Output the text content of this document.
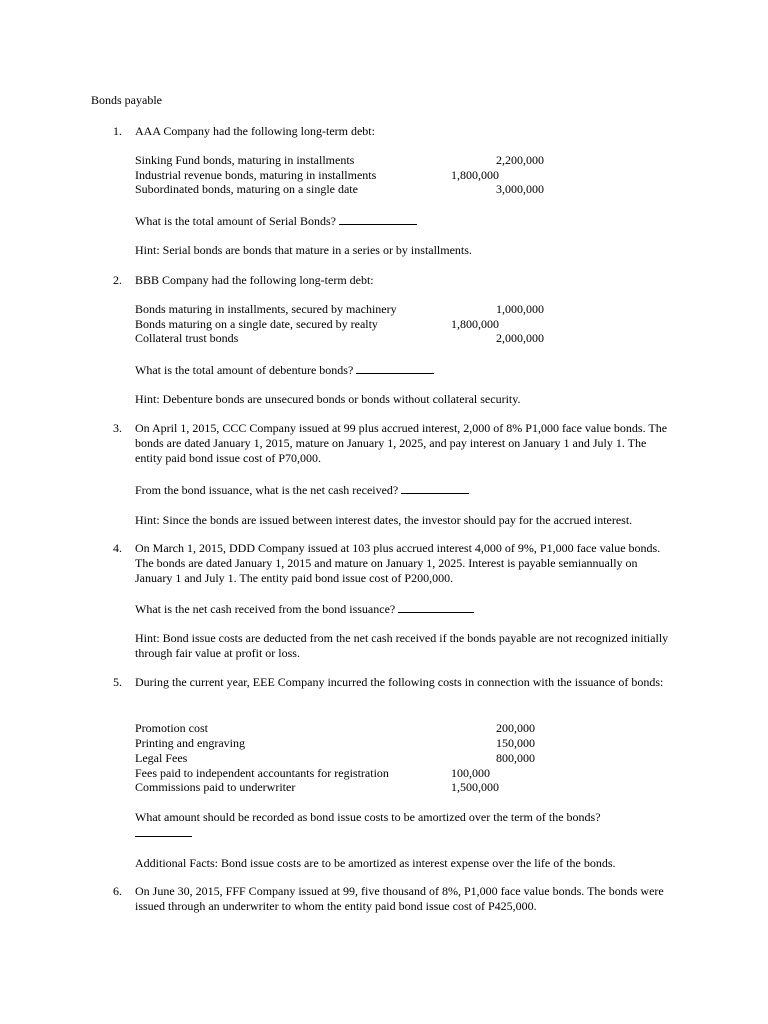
Bonds payable
1. AAA Company had the following long-term debt:
Sinking Fund bonds, maturing in installments	2,200,000
Industrial revenue bonds, maturing in installments	1,800,000
Subordinated bonds, maturing on a single date	3,000,000
What is the total amount of Serial Bonds?
Hint: Serial bonds are bonds that mature in a series or by installments.
2. BBB Company had the following long-term debt:
Bonds maturing in installments, secured by machinery	1,000,000
Bonds maturing on a single date, secured by realty	1,800,000
Collateral trust bonds	2,000,000
What is the total amount of debenture bonds?
Hint: Debenture bonds are unsecured bonds or bonds without collateral security.
3. On April 1, 2015, CCC Company issued at 99 plus accrued interest, 2,000 of 8% P1,000 face value bonds. The bonds are dated January 1, 2015, mature on January 1, 2025, and pay interest on January 1 and July 1. The entity paid bond issue cost of P70,000.
From the bond issuance, what is the net cash received?
Hint: Since the bonds are issued between interest dates, the investor should pay for the accrued interest.
4. On March 1, 2015, DDD Company issued at 103 plus accrued interest 4,000 of 9%, P1,000 face value bonds. The bonds are dated January 1, 2015 and mature on January 1, 2025. Interest is payable semiannually on January 1 and July 1. The entity paid bond issue cost of P200,000.
What is the net cash received from the bond issuance?
Hint: Bond issue costs are deducted from the net cash received if the bonds payable are not recognized initially through fair value at profit or loss.
5. During the current year, EEE Company incurred the following costs in connection with the issuance of bonds:
Promotion cost	200,000
Printing and engraving	150,000
Legal Fees	800,000
Fees paid to independent accountants for registration	100,000
Commissions paid to underwriter	1,500,000
What amount should be recorded as bond issue costs to be amortized over the term of the bonds?
Additional Facts: Bond issue costs are to be amortized as interest expense over the life of the bonds.
6. On June 30, 2015, FFF Company issued at 99, five thousand of 8%, P1,000 face value bonds. The bonds were issued through an underwriter to whom the entity paid bond issue cost of P425,000.
